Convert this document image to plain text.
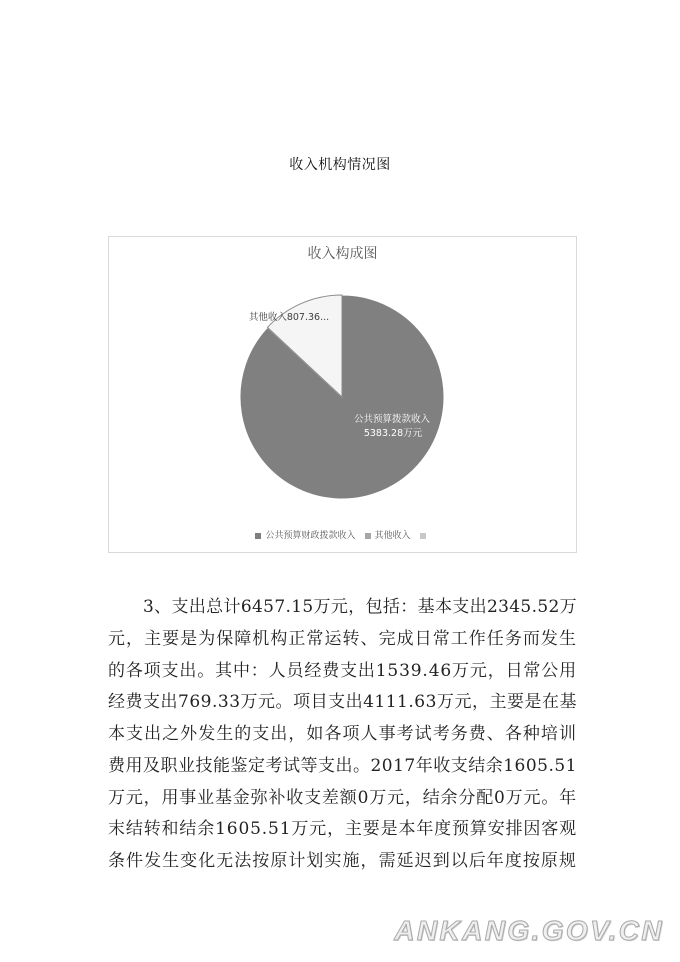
收入机构情况图
收入构成图
公共预算拨款收入
5383.28万元
其他收入807.36...
公共预算财政拨款收入 其他收入
3、支出总计6457.15万元，包括：基本支出2345.52万
元，主要是为保障机构正常运转、完成日常工作任务而发生
的各项支出。其中：人员经费支出1539.46万元，日常公用
经费支出769.33万元。项目支出4111.63万元，主要是在基
本支出之外发生的支出，如各项人事考试考务费、各种培训
费用及职业技能鉴定考试等支出。2017年收支结余1605.51
万元，用事业基金弥补收支差额0万元，结余分配0万元。年
末结转和结余1605.51万元，主要是本年度预算安排因客观
条件发生变化无法按原计划实施，需延迟到以后年度按原规
ANKANG.GOV.CN
